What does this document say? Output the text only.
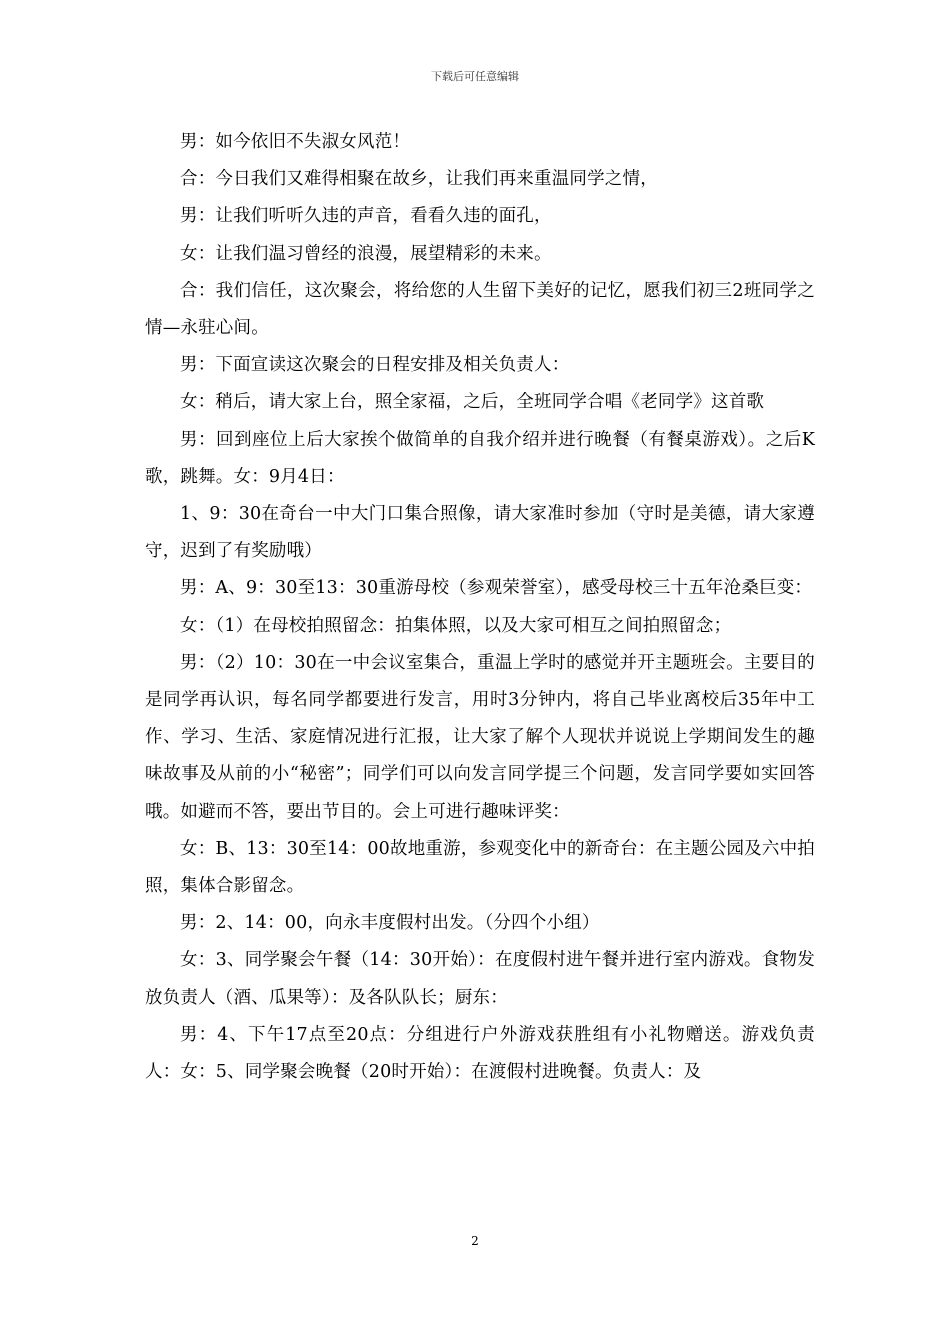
下载后可任意编辑

男：如今依旧不失淑女风范！

合：今日我们又难得相聚在故乡，让我们再来重温同学之情，

男：让我们听听久违的声音，看看久违的面孔，

女：让我们温习曾经的浪漫，展望精彩的未来。

合：我们信任，这次聚会，将给您的人生留下美好的记忆，愿我们初三2班同学之情—永驻心间。

男：下面宣读这次聚会的日程安排及相关负责人：

女：稍后，请大家上台，照全家福，之后，全班同学合唱《老同学》这首歌

男：回到座位上后大家挨个做简单的自我介绍并进行晚餐（有餐桌游戏）。之后K歌，跳舞。女：9月4日：

1、9：30在奇台一中大门口集合照像，请大家准时参加（守时是美德，请大家遵守，迟到了有奖励哦）

男：A、9：30至13：30重游母校（参观荣誉室），感受母校三十五年沧桑巨变：

女：（1）在母校拍照留念：拍集体照，以及大家可相互之间拍照留念；

男：（2）10：30在一中会议室集合，重温上学时的感觉并开主题班会。主要目的是同学再认识，每名同学都要进行发言，用时3分钟内，将自己毕业离校后35年中工作、学习、生活、家庭情况进行汇报，让大家了解个人现状并说说上学期间发生的趣味故事及从前的小“秘密”；同学们可以向发言同学提三个问题，发言同学要如实回答哦。如避而不答，要出节目的。会上可进行趣味评奖：

女：B、13：30至14：00故地重游，参观变化中的新奇台：在主题公园及六中拍照，集体合影留念。

男：2、14：00，向永丰度假村出发。（分四个小组）

女：3、同学聚会午餐（14：30开始）：在度假村进午餐并进行室内游戏。食物发放负责人（酒、瓜果等）：及各队队长；厨东：

男：4、下午17点至20点：分组进行户外游戏获胜组有小礼物赠送。游戏负责人：女：5、同学聚会晚餐（20时开始）：在渡假村进晚餐。负责人：及

2
